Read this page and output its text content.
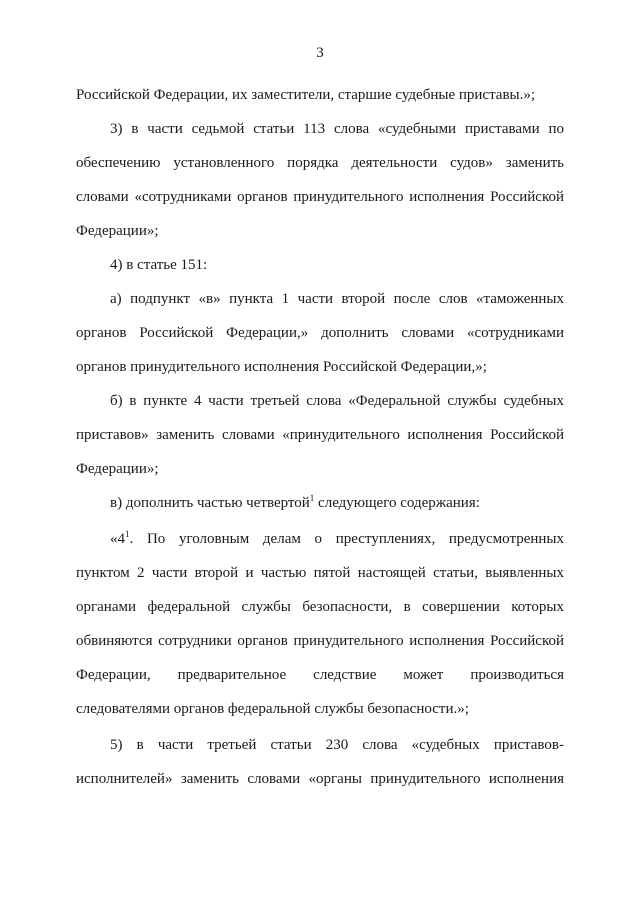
3
Российской Федерации, их заместители, старшие судебные приставы.»;
3) в части седьмой статьи 113 слова «судебными приставами по
обеспечению установленного порядка деятельности судов» заменить
словами «сотрудниками органов принудительного исполнения Российской
Федерации»;
4) в статье 151:
а) подпункт «в» пункта 1 части второй после слов «таможенных
органов Российской Федерации,» дополнить словами «сотрудниками
органов принудительного исполнения Российской Федерации,»;
б) в пункте 4 части третьей слова «Федеральной службы судебных
приставов» заменить словами «принудительного исполнения Российской
Федерации»;
в) дополнить частью четвертой$^1$ следующего содержания:
«$4^1$. По уголовным делам о преступлениях, предусмотренных
пунктом 2 части второй и частью пятой настоящей статьи, выявленных
органами федеральной службы безопасности, в совершении которых
обвиняются сотрудники органов принудительного исполнения Российской
Федерации, предварительное следствие может производиться
следователями органов федеральной службы безопасности.»;
5) в части третьей статьи 230 слова «судебных приставов-
исполнителей» заменить словами «органы принудительного исполнения
